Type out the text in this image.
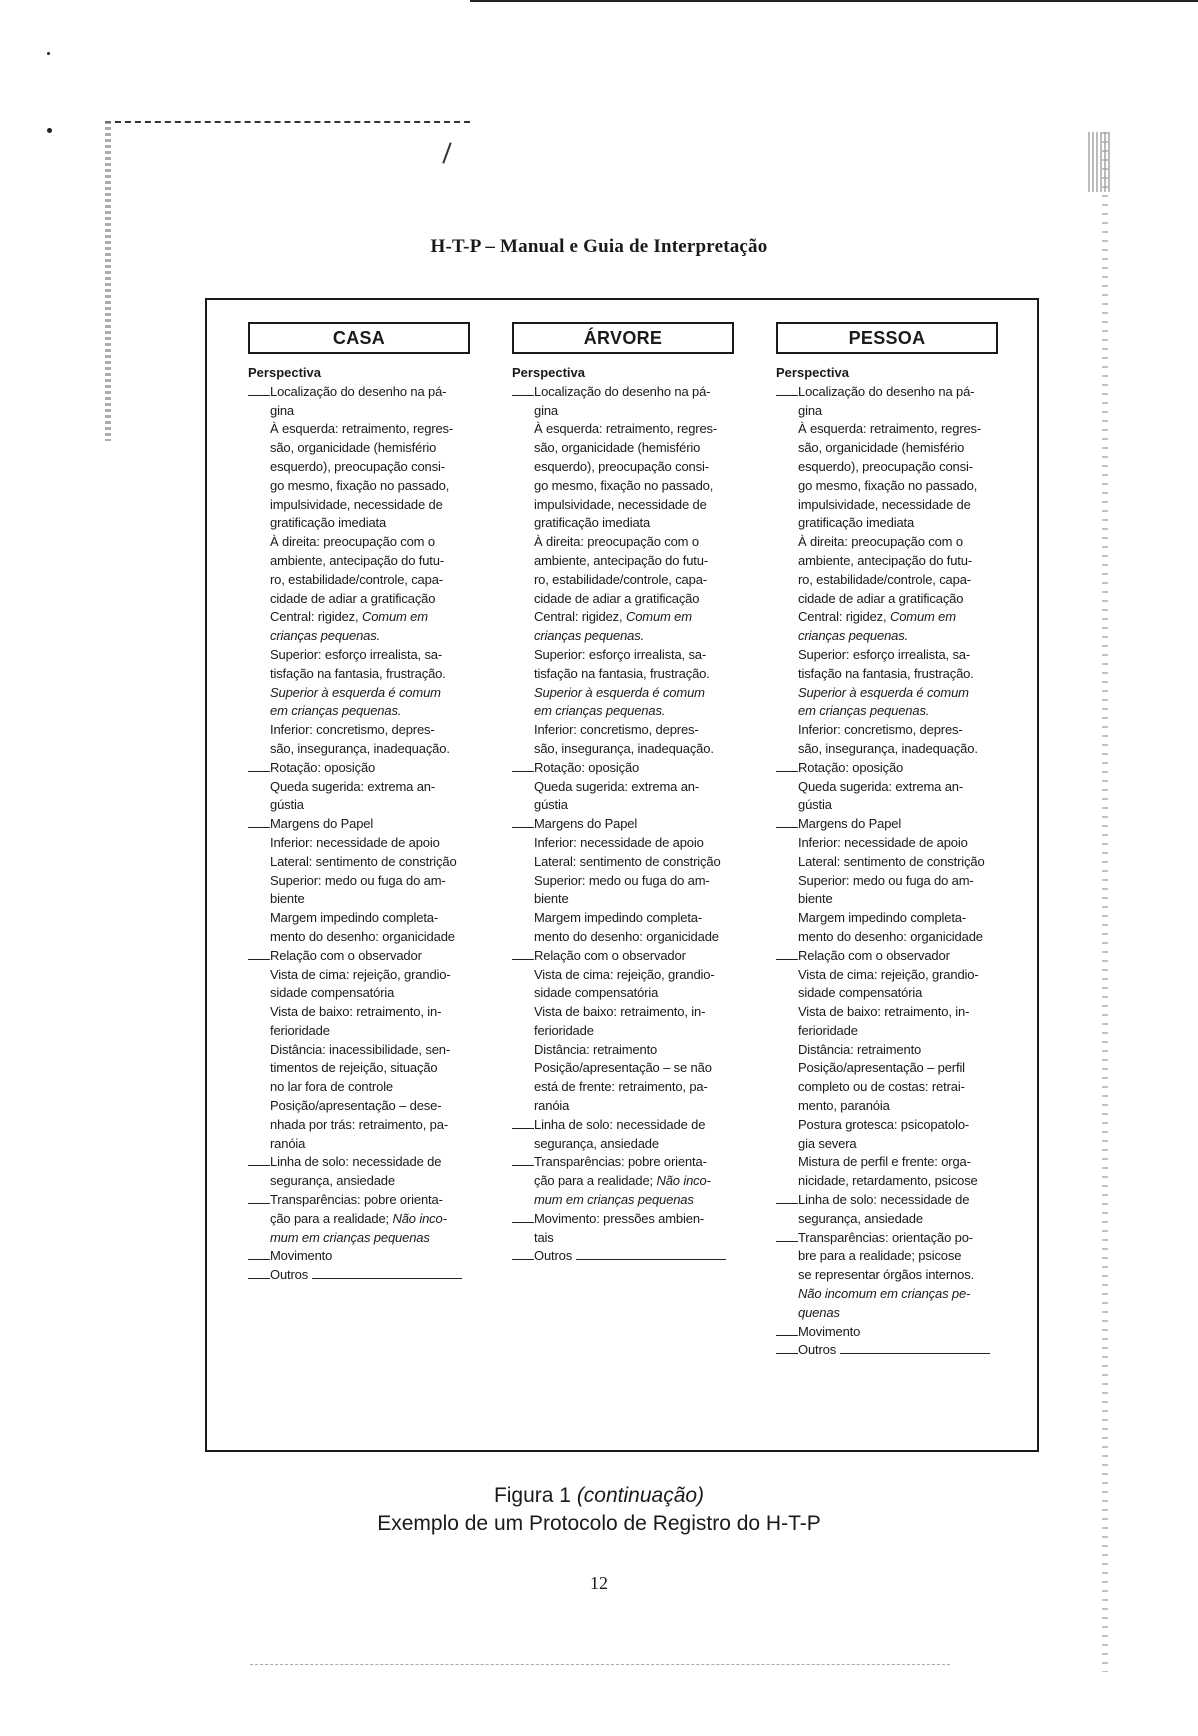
H-T-P – Manual e Guia de Interpretação
CASA
Perspectiva
Localização do desenho na pá-
gina
À esquerda: retraimento, regres-
são, organicidade (hemisfério
esquerdo), preocupação consi-
go mesmo, fixação no passado,
impulsividade, necessidade de
gratificação imediata
À direita: preocupação com o
ambiente, antecipação do futu-
ro, estabilidade/controle, capa-
cidade de adiar a gratificação
Central: rigidez, Comum em
crianças pequenas.
Superior: esforço irrealista, sa-
tisfação na fantasia, frustração.
Superior à esquerda é comum
em crianças pequenas.
Inferior: concretismo, depres-
são, insegurança, inadequação.
Rotação: oposição
Queda sugerida: extrema an-
gústia
Margens do Papel
Inferior: necessidade de apoio
Lateral: sentimento de constrição
Superior: medo ou fuga do am-
biente
Margem impedindo completa-
mento do desenho: organicidade
Relação com o observador
Vista de cima: rejeição, grandio-
sidade compensatória
Vista de baixo: retraimento, in-
ferioridade
Distância: inacessibilidade, sen-
timentos de rejeição, situação
no lar fora de controle
Posição/apresentação – dese-
nhada por trás: retraimento, pa-
ranóia
Linha de solo: necessidade de
segurança, ansiedade
Transparências: pobre orienta-
ção para a realidade; Não inco-
mum em crianças pequenas
Movimento
Outros
ÁRVORE
Perspectiva
Localização do desenho na pá-
gina
À esquerda: retraimento, regres-
são, organicidade (hemisfério
esquerdo), preocupação consi-
go mesmo, fixação no passado,
impulsividade, necessidade de
gratificação imediata
À direita: preocupação com o
ambiente, antecipação do futu-
ro, estabilidade/controle, capa-
cidade de adiar a gratificação
Central: rigidez, Comum em
crianças pequenas.
Superior: esforço irrealista, sa-
tisfação na fantasia, frustração.
Superior à esquerda é comum
em crianças pequenas.
Inferior: concretismo, depres-
são, insegurança, inadequação.
Rotação: oposição
Queda sugerida: extrema an-
gústia
Margens do Papel
Inferior: necessidade de apoio
Lateral: sentimento de constrição
Superior: medo ou fuga do am-
biente
Margem impedindo completa-
mento do desenho: organicidade
Relação com o observador
Vista de cima: rejeição, grandio-
sidade compensatória
Vista de baixo: retraimento, in-
ferioridade
Distância: retraimento
Posição/apresentação – se não
está de frente: retraimento, pa-
ranóia
Linha de solo: necessidade de
segurança, ansiedade
Transparências: pobre orienta-
ção para a realidade; Não inco-
mum em crianças pequenas
Movimento: pressões ambien-
tais
Outros
PESSOA
Perspectiva
Localização do desenho na pá-
gina
À esquerda: retraimento, regres-
são, organicidade (hemisfério
esquerdo), preocupação consi-
go mesmo, fixação no passado,
impulsividade, necessidade de
gratificação imediata
À direita: preocupação com o
ambiente, antecipação do futu-
ro, estabilidade/controle, capa-
cidade de adiar a gratificação
Central: rigidez, Comum em
crianças pequenas.
Superior: esforço irrealista, sa-
tisfação na fantasia, frustração.
Superior à esquerda é comum
em crianças pequenas.
Inferior: concretismo, depres-
são, insegurança, inadequação.
Rotação: oposição
Queda sugerida: extrema an-
gústia
Margens do Papel
Inferior: necessidade de apoio
Lateral: sentimento de constrição
Superior: medo ou fuga do am-
biente
Margem impedindo completa-
mento do desenho: organicidade
Relação com o observador
Vista de cima: rejeição, grandio-
sidade compensatória
Vista de baixo: retraimento, in-
ferioridade
Distância: retraimento
Posição/apresentação – perfil
completo ou de costas: retrai-
mento, paranóia
Postura grotesca: psicopatolo-
gia severa
Mistura de perfil e frente: orga-
nicidade, retardamento, psicose
Linha de solo: necessidade de
segurança, ansiedade
Transparências: orientação po-
bre para a realidade; psicose
se representar órgãos internos.
Não incomum em crianças pe-
quenas
Movimento
Outros
Figura 1 (continuação)
Exemplo de um Protocolo de Registro do H-T-P
12
